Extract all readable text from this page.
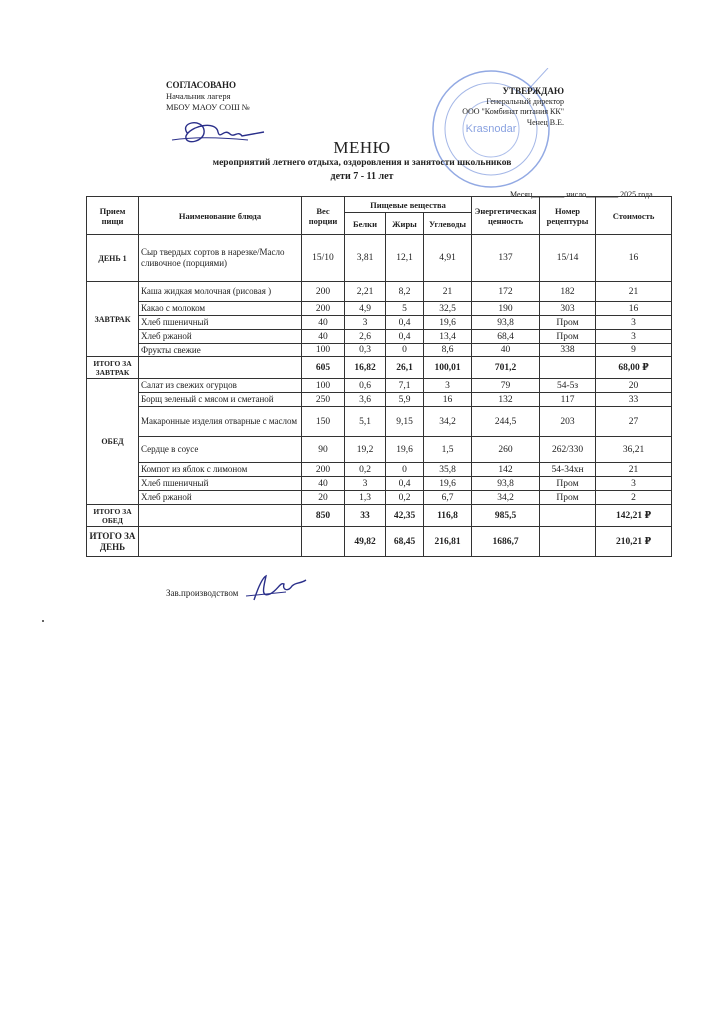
СОГЛАСОВАНО
Начальник лагеря
МБОУ МАОУ СОШ №
Krasnodar
УТВЕРЖДАЮ
Генеральный директор
ООО "Комбинат питания КК"
Ченец В.Е.
МЕНЮ
мероприятий летнего отдыха, оздоровления и занятости школьников
дети 7 - 11 лет
Месяц________ число________ 2025 года
Прием пищи	Наименование блюда	Вес порции	Пищевые вещества			Энергетическая ценность	Номер рецептуры	Стоимость
			Белки	Жиры	Углеводы			
ДЕНЬ 1	Сыр твердых сортов в нарезке/Масло сливочное (порциями)	15/10	3,81	12,1	4,91	137	15/14	16
ЗАВТРАК	Каша жидкая молочная (рисовая )	200	2,21	8,2	21	172	182	21
	Какао с молоком	200	4,9	5	32,5	190	303	16
	Хлеб пшеничный	40	3	0,4	19,6	93,8	Пром	3
	Хлеб ржаной	40	2,6	0,4	13,4	68,4	Пром	3
	Фрукты свежие	100	0,3	0	8,6	40	338	9
ИТОГО ЗА ЗАВТРАК		605	16,82	26,1	100,01	701,2		68,00 ₽
ОБЕД	Салат из свежих огурцов	100	0,6	7,1	3	79	54-5з	20
	Борщ зеленый с мясом и сметаной	250	3,6	5,9	16	132	117	33
	Макаронные изделия отварные с маслом	150	5,1	9,15	34,2	244,5	203	27
	Сердце в соусе	90	19,2	19,6	1,5	260	262/330	36,21
	Компот из яблок с лимоном	200	0,2	0	35,8	142	54-34хн	21
	Хлеб пшеничный	40	3	0,4	19,6	93,8	Пром	3
	Хлеб ржаной	20	1,3	0,2	6,7	34,2	Пром	2
ИТОГО ЗА ОБЕД		850	33	42,35	116,8	985,5		142,21 ₽
ИТОГО ЗА ДЕНЬ			49,82	68,45	216,81	1686,7		210,21 ₽
Зав.производством
